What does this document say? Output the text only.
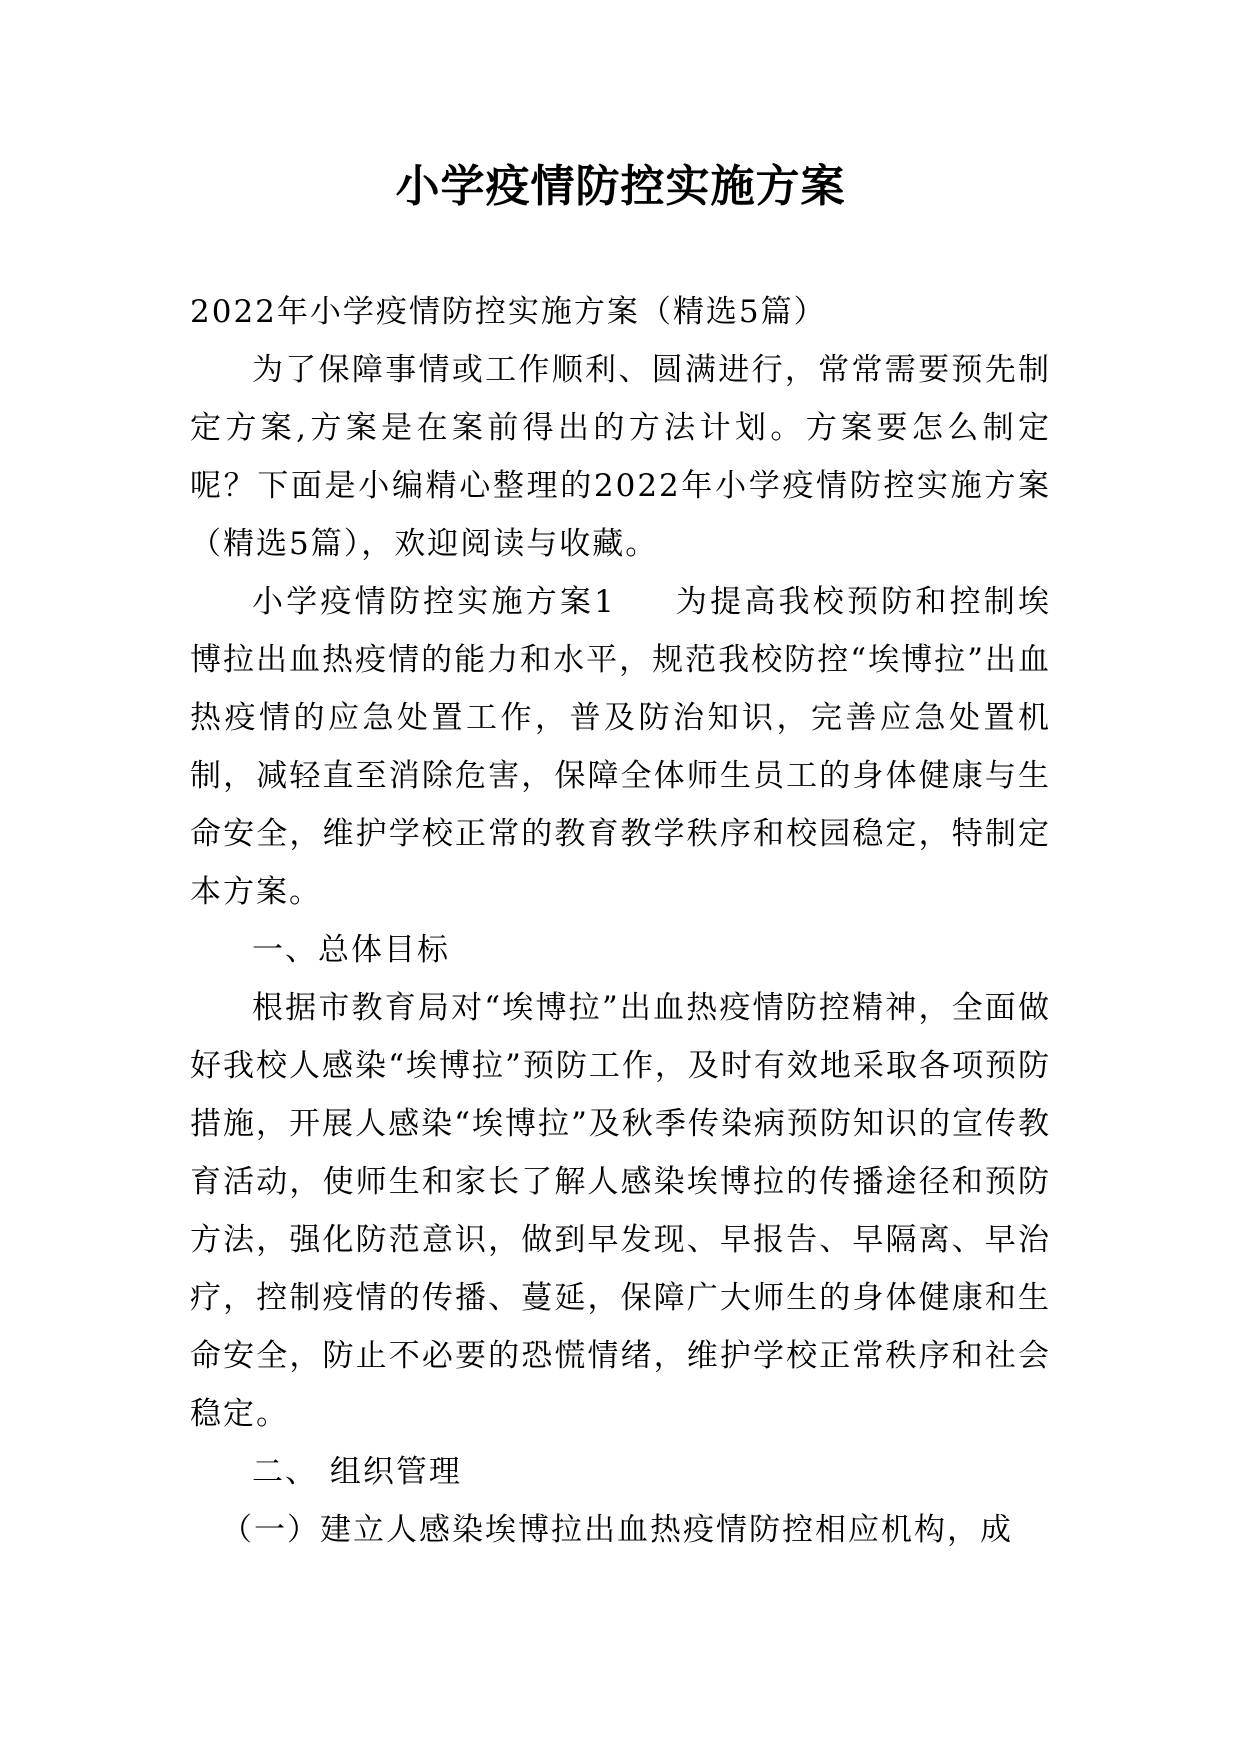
小学疫情防控实施方案

2022年小学疫情防控实施方案（精选5篇）

为了保障事情或工作顺利、圆满进行，常常需要预先制定方案,方案是在案前得出的方法计划。方案要怎么制定呢？下面是小编精心整理的2022年小学疫情防控实施方案（精选5篇），欢迎阅读与收藏。

小学疫情防控实施方案1 为提高我校预防和控制埃博拉出血热疫情的能力和水平，规范我校防控“埃博拉”出血热疫情的应急处置工作，普及防治知识，完善应急处置机制，减轻直至消除危害，保障全体师生员工的身体健康与生命安全，维护学校正常的教育教学秩序和校园稳定，特制定本方案。

一、总体目标

根据市教育局对“埃博拉”出血热疫情防控精神，全面做好我校人感染“埃博拉”预防工作，及时有效地采取各项预防措施，开展人感染“埃博拉”及秋季传染病预防知识的宣传教育活动，使师生和家长了解人感染埃博拉的传播途径和预防方法，强化防范意识，做到早发现、早报告、早隔离、早治疗，控制疫情的传播、蔓延，保障广大师生的身体健康和生命安全，防止不必要的恐慌情绪，维护学校正常秩序和社会稳定。

二、 组织管理

（一）建立人感染埃博拉出血热疫情防控相应机构，成
